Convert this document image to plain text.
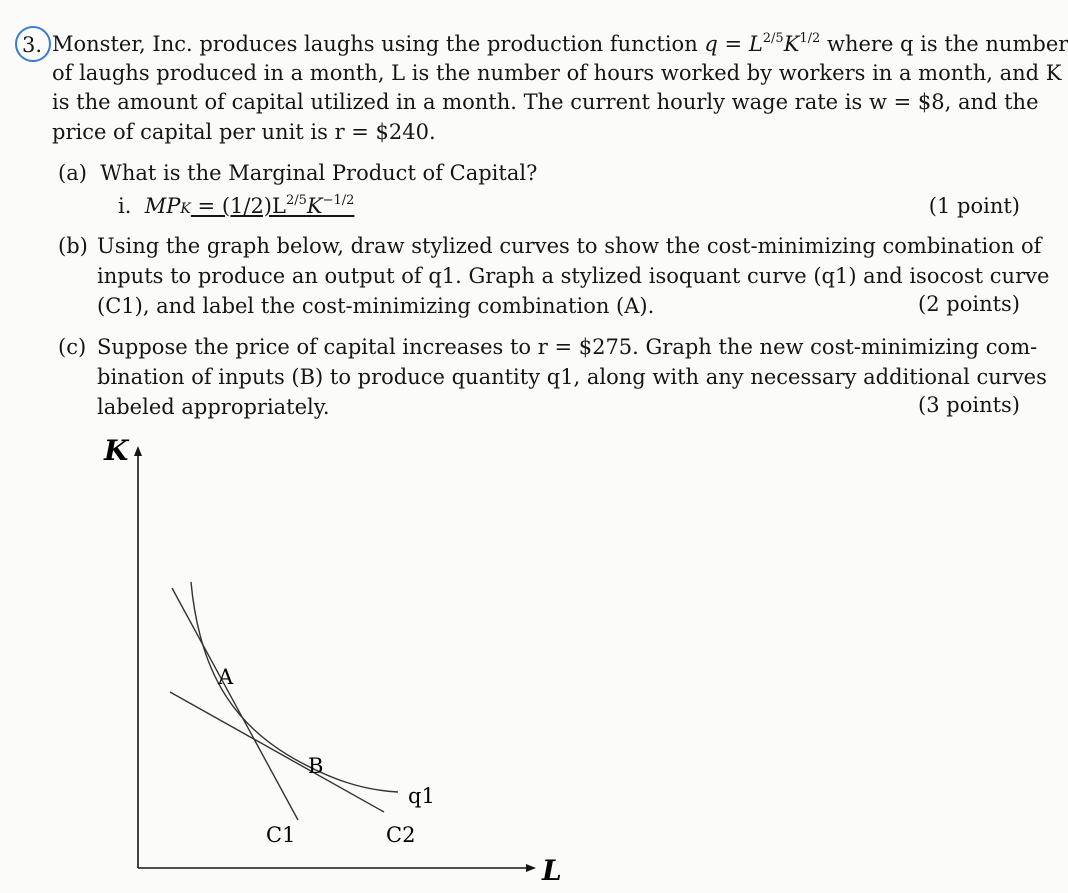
3. Monster, Inc. produces laughs using the production function $q = L^{2/5}K^{1/2}$ where q is the number
of laughs produced in a month, L is the number of hours worked by workers in a month, and K
is the amount of capital utilized in a month. The current hourly wage rate is w = $8, and the
price of capital per unit is r = $240.
(a) What is the Marginal Product of Capital?
i. MPK = $(1/2)L^{2/5}K^{-1/2}$	(1 point)
(b) Using the graph below, draw stylized curves to show the cost-minimizing combination of
inputs to produce an output of q1. Graph a stylized isoquant curve (q1) and isocost curve
(C1), and label the cost-minimizing combination (A).	(2 points)
(c) Suppose the price of capital increases to r = $275. Graph the new cost-minimizing com-
bination of inputs (B) to produce quantity q1, along with any necessary additional curves
labeled appropriately.	(3 points)
K
L
A
B
q1
C1	C2
